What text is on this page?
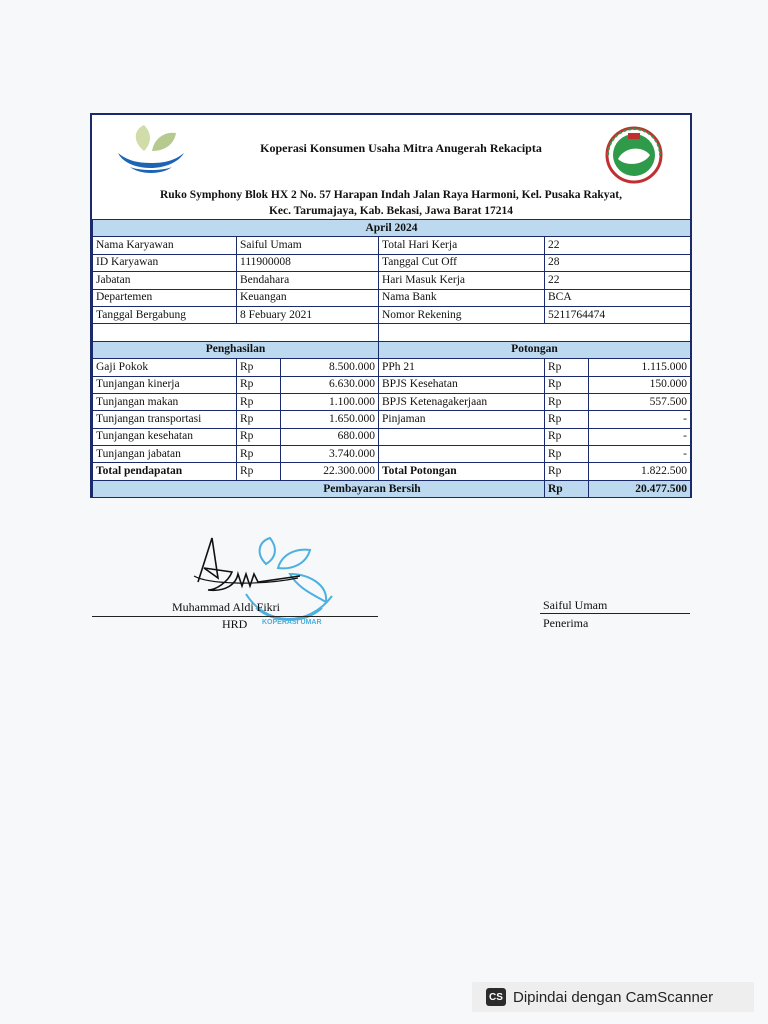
Koperasi Konsumen Usaha Mitra Anugerah Rekacipta
Ruko Symphony Blok HX 2 No. 57 Harapan Indah Jalan Raya Harmoni, Kel. Pusaka Rakyat,
Kec. Tarumajaya, Kab. Bekasi, Jawa Barat 17214
April 2024					
Nama Karyawan	Saiful Umam		Total Hari Kerja	22	
ID Karyawan	111900008		Tanggal Cut Off	28	
Jabatan	Bendahara		Hari Masuk Kerja	22	
Departemen	Keuangan		Nama Bank	BCA	
Tanggal Bergabung	8 Febuary 2021		Nomor Rekening	5211764474	

Penghasilan			Potongan		
Gaji Pokok	Rp	8.500.000	PPh 21	Rp	1.115.000
Tunjangan kinerja	Rp	6.630.000	BPJS Kesehatan	Rp	150.000
Tunjangan makan	Rp	1.100.000	BPJS Ketenagakerjaan	Rp	557.500
Tunjangan transportasi	Rp	1.650.000	Pinjaman	Rp	-
Tunjangan kesehatan	Rp	680.000		Rp	-
Tunjangan jabatan	Rp	3.740.000		Rp	-
Total pendapatan	Rp	22.300.000	Total Potongan	Rp	1.822.500
Pembayaran Bersih				Rp	20.477.500
Muhammad Aldi Fikri
HRD KOPERASI UMAR
Saiful Umam
Penerima
CS Dipindai dengan CamScanner
